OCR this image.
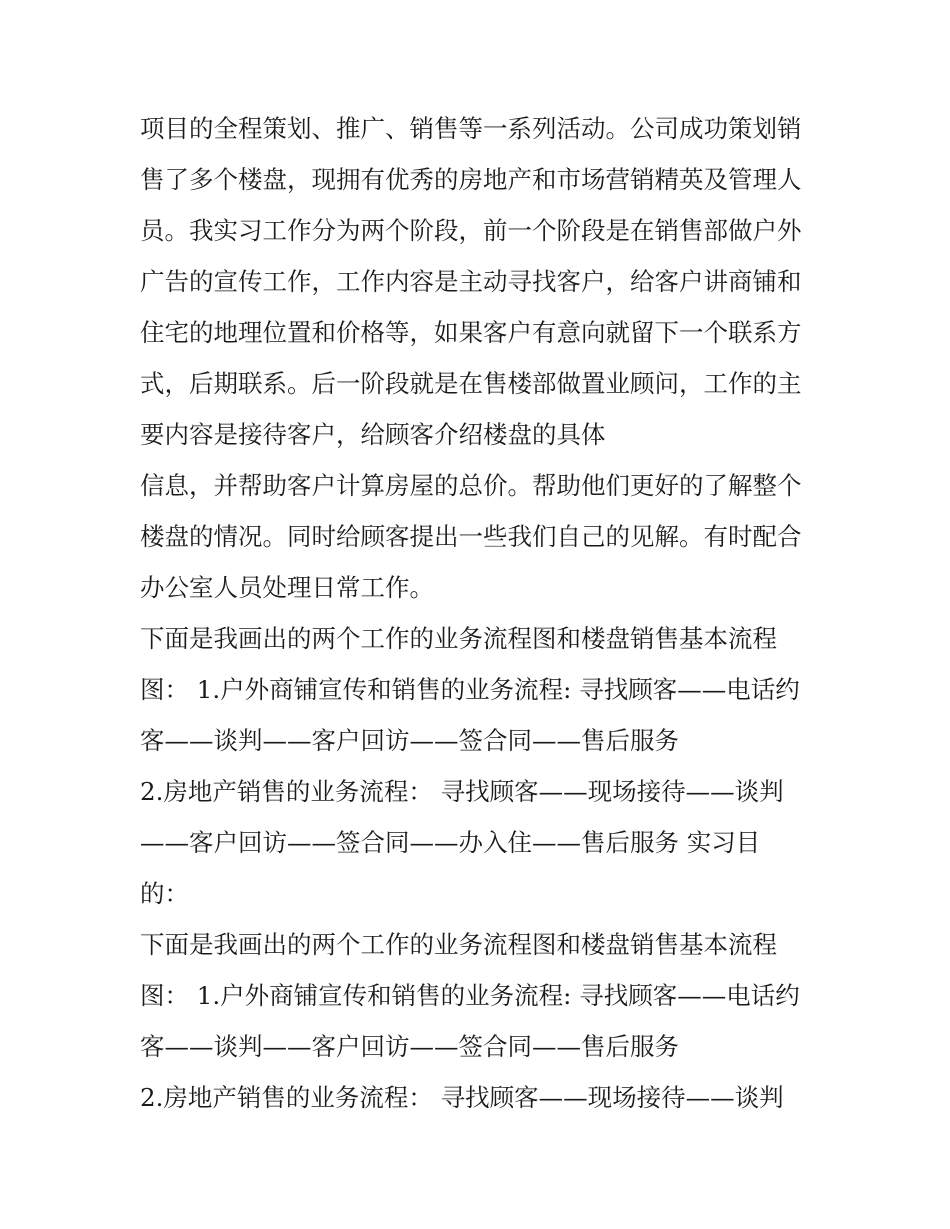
项目的全程策划、推广、销售等一系列活动。公司成功策划销
售了多个楼盘，现拥有优秀的房地产和市场营销精英及管理人
员。我实习工作分为两个阶段，前一个阶段是在销售部做户外
广告的宣传工作，工作内容是主动寻找客户，给客户讲商铺和
住宅的地理位置和价格等，如果客户有意向就留下一个联系方
式，后期联系。后一阶段就是在售楼部做置业顾问，工作的主
要内容是接待客户，给顾客介绍楼盘的具体
信息，并帮助客户计算房屋的总价。帮助他们更好的了解整个
楼盘的情况。同时给顾客提出一些我们自己的见解。有时配合
办公室人员处理日常工作。
下面是我画出的两个工作的业务流程图和楼盘销售基本流程
图： 1.户外商铺宣传和销售的业务流程: 寻找顾客——电话约
客——谈判——客户回访——签合同——售后服务
2.房地产销售的业务流程： 寻找顾客——现场接待——谈判
——客户回访——签合同——办入住——售后服务 实习目
的：
下面是我画出的两个工作的业务流程图和楼盘销售基本流程
图： 1.户外商铺宣传和销售的业务流程: 寻找顾客——电话约
客——谈判——客户回访——签合同——售后服务
2.房地产销售的业务流程： 寻找顾客——现场接待——谈判
